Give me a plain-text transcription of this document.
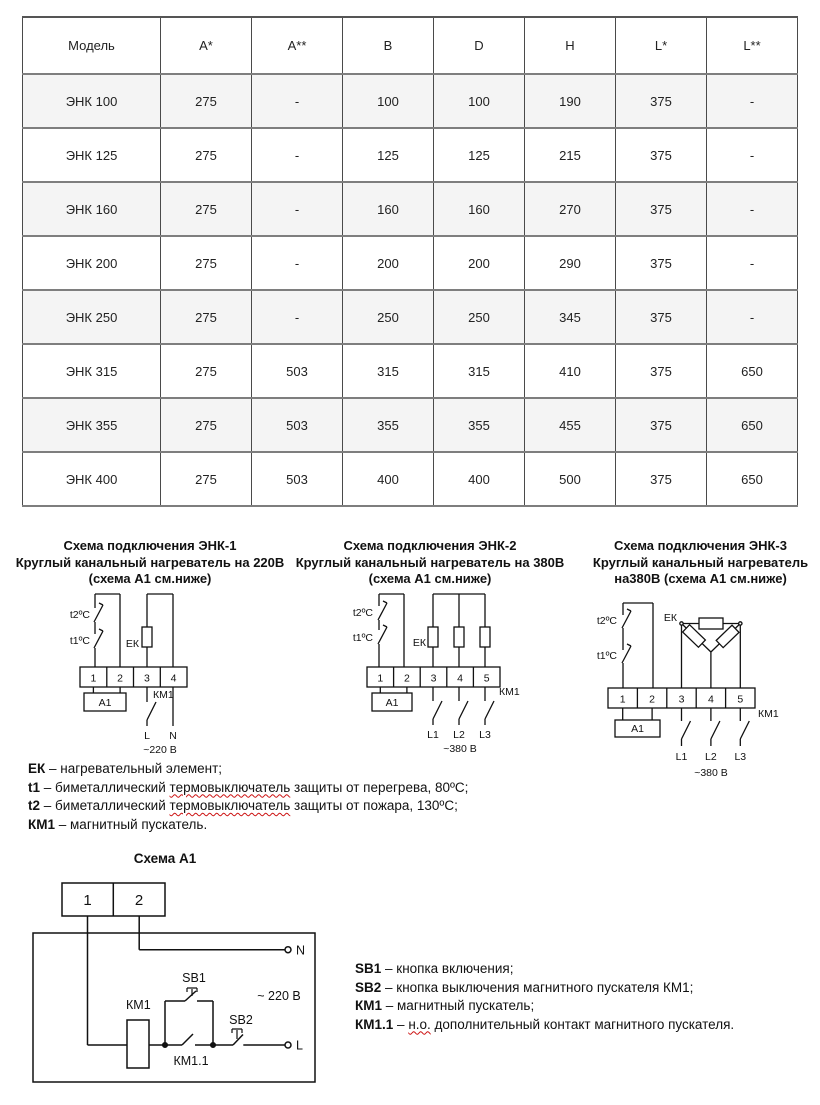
Модель	A*	A**	B	D	H	L*	L**
ЭНК 100	275	-	100	100	190	375	-
ЭНК 125	275	-	125	125	215	375	-
ЭНК 160	275	-	160	160	270	375	-
ЭНК 200	275	-	200	200	290	375	-
ЭНК 250	275	-	250	250	345	375	-
ЭНК 315	275	503	315	315	410	375	650
ЭНК 355	275	503	355	355	455	375	650
ЭНК 400	275	503	400	400	500	375	650
Схема подключения ЭНК-1
Круглый канальный нагреватель на 220В
(схема А1 см.ниже)
t2ºC
t1ºC	ЕК
1 2 3 4
А1
КМ1
L N
~220 В
Схема подключения ЭНК-2
Круглый канальный нагреватель на 380В
(схема А1 см.ниже)
t2ºC
t1ºC	ЕК
1 2 3 4 5
А1
КМ1
L1 L2 L3
~380 В
Схема подключения ЭНК-3
Круглый канальный нагреватель
на380В (схема А1 см.ниже)
t2ºC
t1ºC
ЕК
1 2 3 4 5
А1
КМ1
L1 L2 L3
~380 В
ЕК – нагревательный элемент;
t1 – биметаллический термовыключатель защиты от перегрева, 80ºС;
t2 – биметаллический термовыключатель защиты от пожара, 130ºС;
КМ1 – магнитный пускатель.
Схема А1
1	2
N
L
КМ1
SB1
SB2
КМ1.1
~ 220 В
SB1 – кнопка включения;
SB2 – кнопка выключения магнитного пускателя КМ1;
КМ1 – магнитный пускатель;
КМ1.1 – н.о. дополнительный контакт магнитного пускателя.
